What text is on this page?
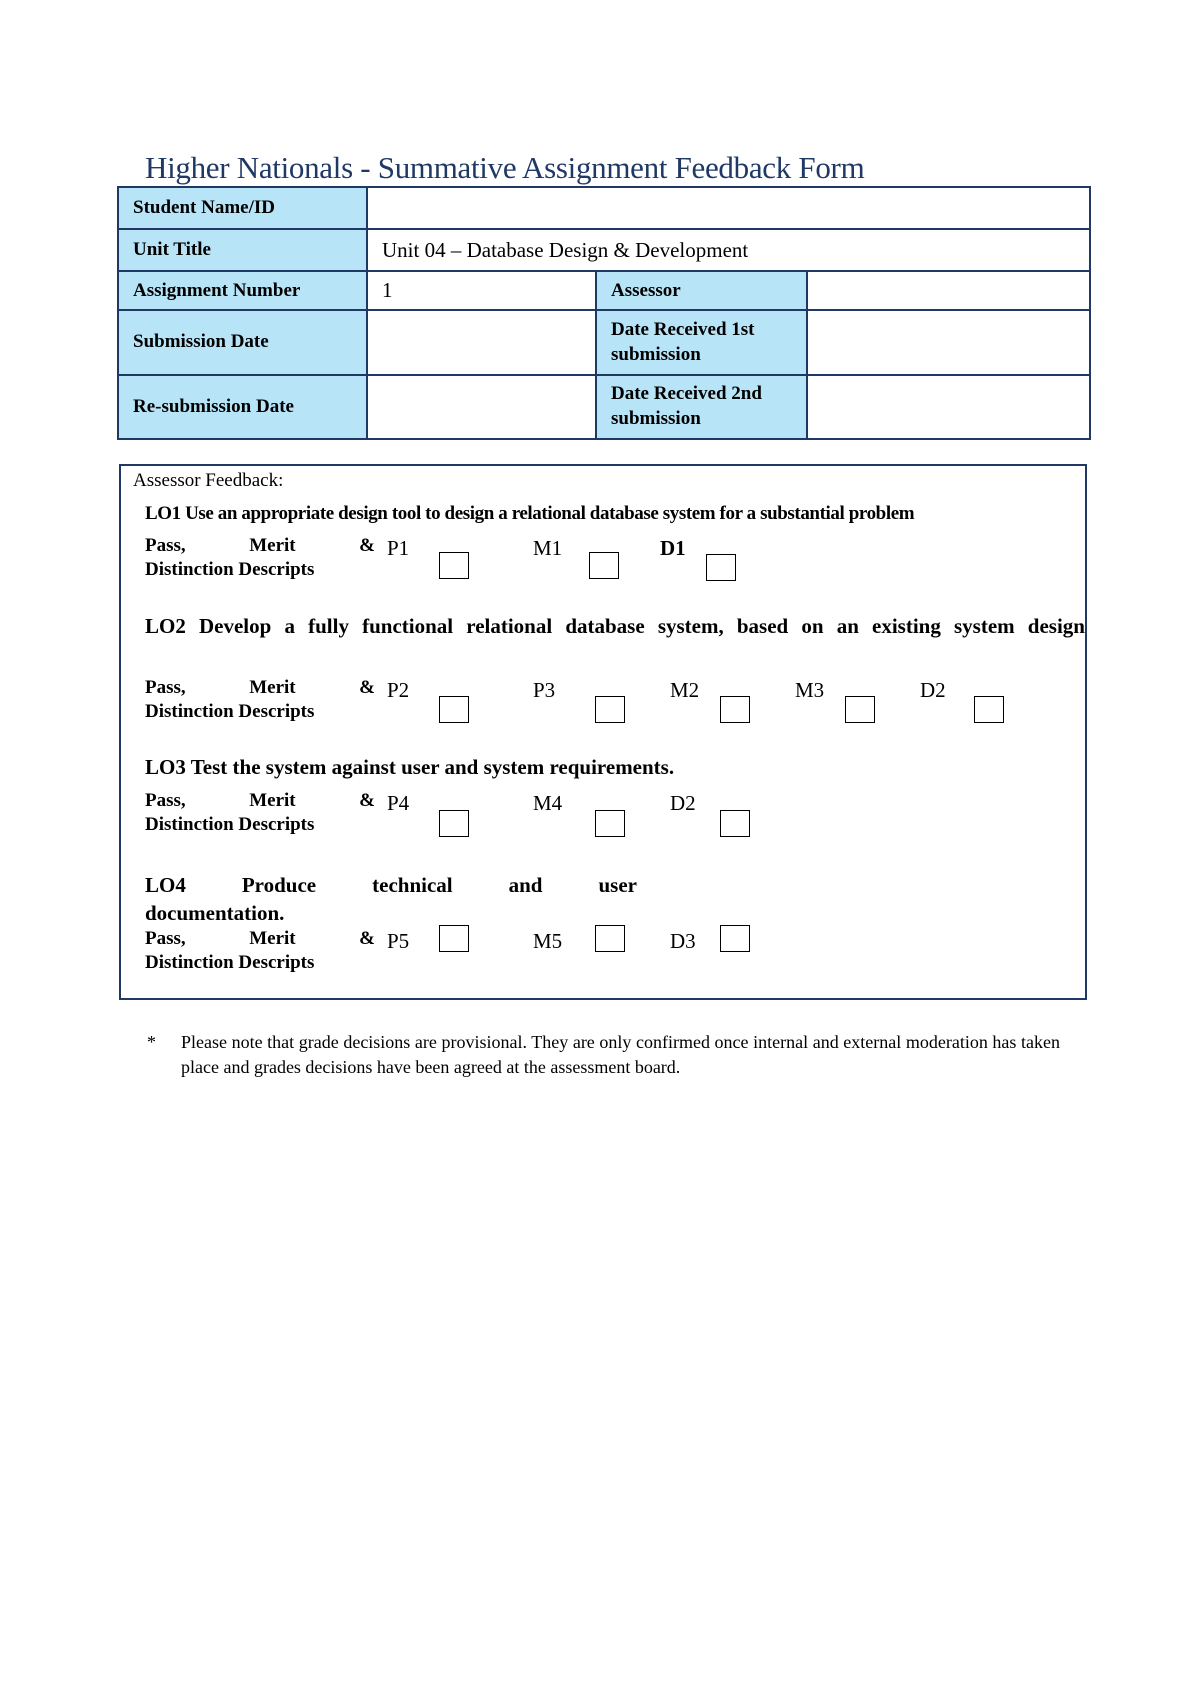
Higher Nationals - Summative Assignment Feedback Form
Student Name/ID			
Unit Title	Unit 04 – Database Design & Development		
Assignment Number	1	Assessor	
Submission Date		Date Received 1st submission	
Re-submission Date		Date Received 2nd submission	
Assessor Feedback:
LO1 Use an appropriate design tool to design a relational database system for a substantial problem
Pass,	Merit	&
Distinction Descripts
P1	M1	D1
LO2 Develop a fully functional relational database system, based on an existing system design
Pass,	Merit	&
Distinction Descripts
P2	P3	M2	M3	D2
LO3 Test the system against user and system requirements.
Pass,	Merit	&
Distinction Descripts
P4	M4	D2
LO4	Produce	technical	and	user
documentation.
Pass,	Merit	&
Distinction Descripts
P5	M5	D3
* Please note that grade decisions are provisional. They are only confirmed once internal and external moderation has taken place and grades decisions have been agreed at the assessment board.
